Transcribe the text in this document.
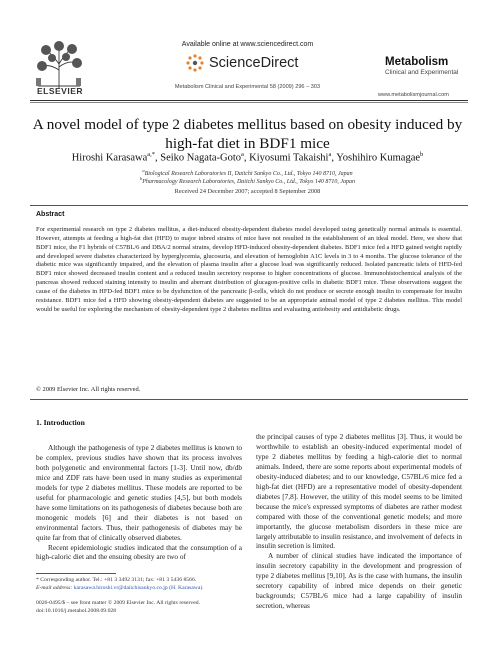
ELSEVIER
Available online at www.sciencedirect.com
ScienceDirect
Metabolism Clinical and Experimental 58 (2009) 296 – 303
Metabolism
Clinical and Experimental
www.metabolismjournal.com
A novel model of type 2 diabetes mellitus based on obesity induced by
high-fat diet in BDF1 mice
Hiroshi Karasawa$^{a,*}$, Seiko Nagata-Goto$^a$, Kiyosumi Takaishi$^a$, Yoshihiro Kumagae$^b$
$^a$Biological Research Laboratories II, Daiichi Sankyo Co., Ltd., Tokyo 140 8710, Japan
$^b$Pharmacology Research Laboratories, Daiichi Sankyo Co., Ltd., Tokyo 140 8710, Japan
Received 24 December 2007; accepted 8 September 2008
Abstract
For experimental research on type 2 diabetes mellitus, a diet-induced obesity-dependent diabetes model developed using genetically normal animals is essential. However, attempts at feeding a high-fat diet (HFD) to major inbred strains of mice have not resulted in the establishment of an ideal model. Here, we show that BDF1 mice, the F1 hybrids of C57BL/6 and DBA/2 normal strains, develop HFD-induced obesity-dependent diabetes. BDF1 mice fed a HFD gained weight rapidly and developed severe diabetes characterized by hyperglycemia, glucosuria, and elevation of hemoglobin A1C levels in 3 to 4 months. The glucose tolerance of the diabetic mice was significantly impaired, and the elevation of plasma insulin after a glucose load was significantly reduced. Isolated pancreatic islets of HFD-fed BDF1 mice showed decreased insulin content and a reduced insulin secretory response to higher concentrations of glucose. Immunohistochemical analysis of the pancreas showed reduced staining intensity to insulin and aberrant distribution of glucagon-positive cells in diabetic BDF1 mice. These observations suggest the cause of the diabetes in HFD-fed BDF1 mice to be dysfunction of the pancreatic β-cells, which do not produce or secrete enough insulin to compensate for insulin resistance. BDF1 mice fed a HFD showing obesity-dependent diabetes are suggested to be an appropriate animal model of type 2 diabetes mellitus. This model would be useful for exploring the mechanism of obesity-dependent type 2 diabetes mellitus and evaluating antiobesity and antidiabetic drugs.
© 2009 Elsevier Inc. All rights reserved.
1. Introduction

Although the pathogenesis of type 2 diabetes mellitus is known to be complex, previous studies have shown that its process involves both polygenetic and environmental factors [1-3]. Until now, db/db mice and ZDF rats have been used in many studies as experimental models for type 2 diabetes mellitus. These models are reported to be useful for pharmacologic and genetic studies [4,5], but both models have some limitations on its pathogenesis of diabetes because both are monogenic models [6] and their diabetes is not based on environmental factors. Thus, their pathogenesis of diabetes may be quite far from that of clinically observed diabetes.

Recent epidemiologic studies indicated that the consumption of a high-caloric diet and the ensuing obesity are two of

the principal causes of type 2 diabetes mellitus [3]. Thus, it would be worthwhile to establish an obesity-induced experimental model of type 2 diabetes mellitus by feeding a high-calorie diet to normal animals. Indeed, there are some reports about experimental models of obesity-induced diabetes; and to our knowledge, C57BL/6 mice fed a high-fat diet (HFD) are a representative model of obesity-dependent diabetes [7,8]. However, the utility of this model seems to be limited because the mice's expressed symptoms of diabetes are rather modest compared with those of the conventional genetic models; and more importantly, the glucose metabolism disorders in these mice are largely attributable to insulin resistance, and involvement of defects in insulin secretion is limited.

A number of clinical studies have indicated the importance of insulin secretory capability in the development and progression of type 2 diabetes mellitus [9,10]. As is the case with humans, the insulin secretory capability of inbred mice depends on their genetic backgrounds; C57BL/6 mice had a large capability of insulin secretion, whereas

* Corresponding author. Tel.: +81 3 3492 3131; fax: +81 3 5436 8566.
E-mail address: karasawa.hiroshi.vr@daiichisankyo.co.jp (H. Karasawa).
0026-0495/$ – see front matter © 2009 Elsevier Inc. All rights reserved.
doi:10.1016/j.metabol.2008.09.028
